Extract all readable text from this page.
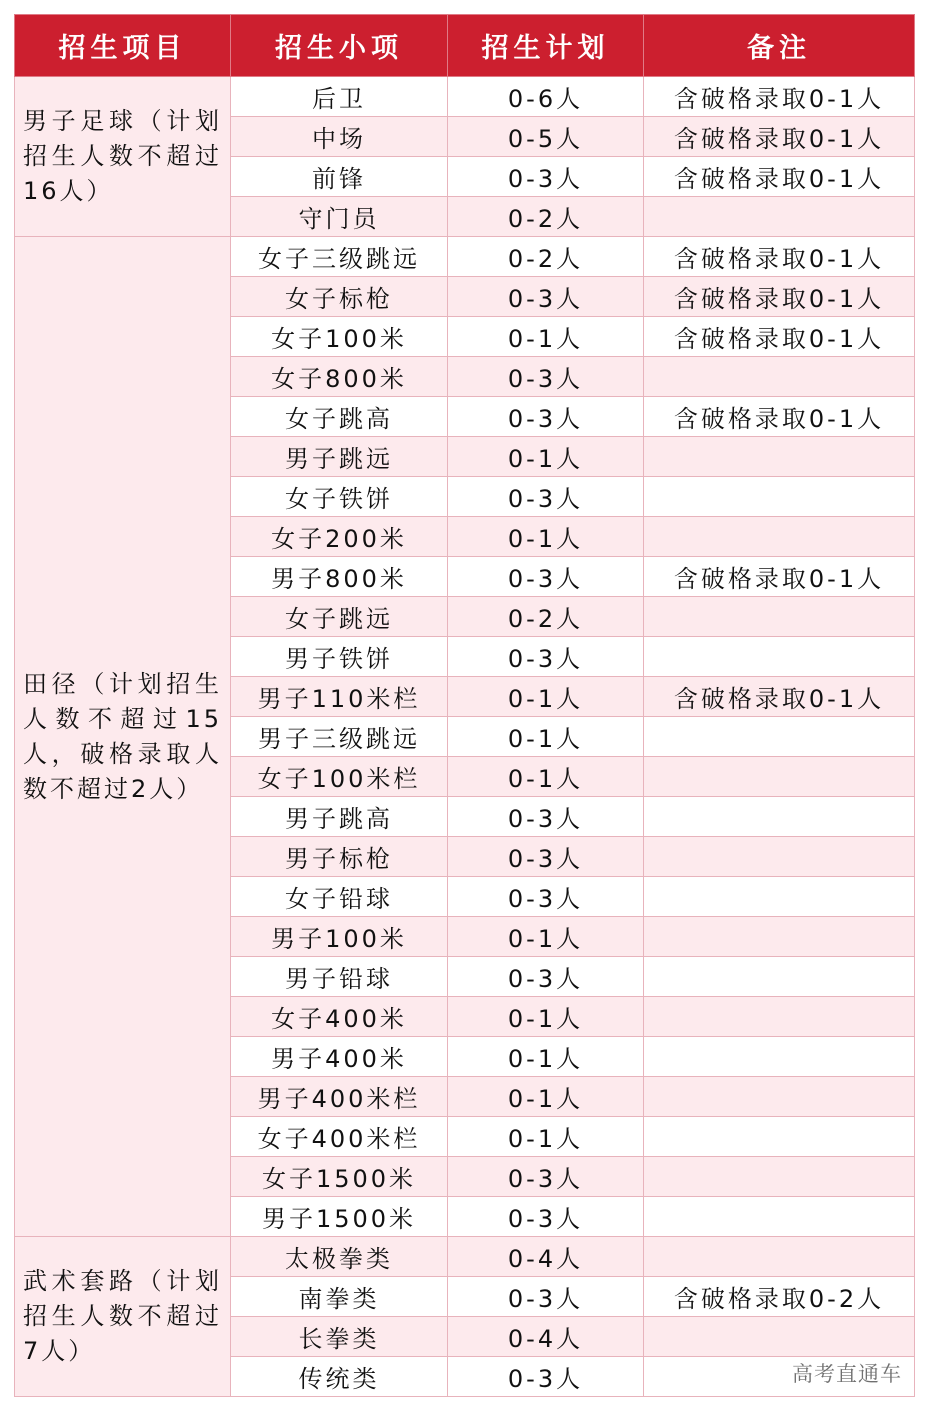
招生项目	招生小项	招生计划	备注
男子足球（计划招生人数不超过16人）	后卫	0-6人	含破格录取0-1人
	中场	0-5人	含破格录取0-1人
	前锋	0-3人	含破格录取0-1人
	守门员	0-2人	
田径（计划招生人数不超过15人，破格录取人数不超过2人）	女子三级跳远	0-2人	含破格录取0-1人
	女子标枪	0-3人	含破格录取0-1人
	女子100米	0-1人	含破格录取0-1人
	女子800米	0-3人	
	女子跳高	0-3人	含破格录取0-1人
	男子跳远	0-1人	
	女子铁饼	0-3人	
	女子200米	0-1人	
	男子800米	0-3人	含破格录取0-1人
	女子跳远	0-2人	
	男子铁饼	0-3人	
	男子110米栏	0-1人	含破格录取0-1人
	男子三级跳远	0-1人	
	女子100米栏	0-1人	
	男子跳高	0-3人	
	男子标枪	0-3人	
	女子铅球	0-3人	
	男子100米	0-1人	
	男子铅球	0-3人	
	女子400米	0-1人	
	男子400米	0-1人	
	男子400米栏	0-1人	
	女子400米栏	0-1人	
	女子1500米	0-3人	
	男子1500米	0-3人	
武术套路（计划招生人数不超过7人）	太极拳类	0-4人	
	南拳类	0-3人	含破格录取0-2人
	长拳类	0-4人	
	传统类	0-3人		高考直通车
